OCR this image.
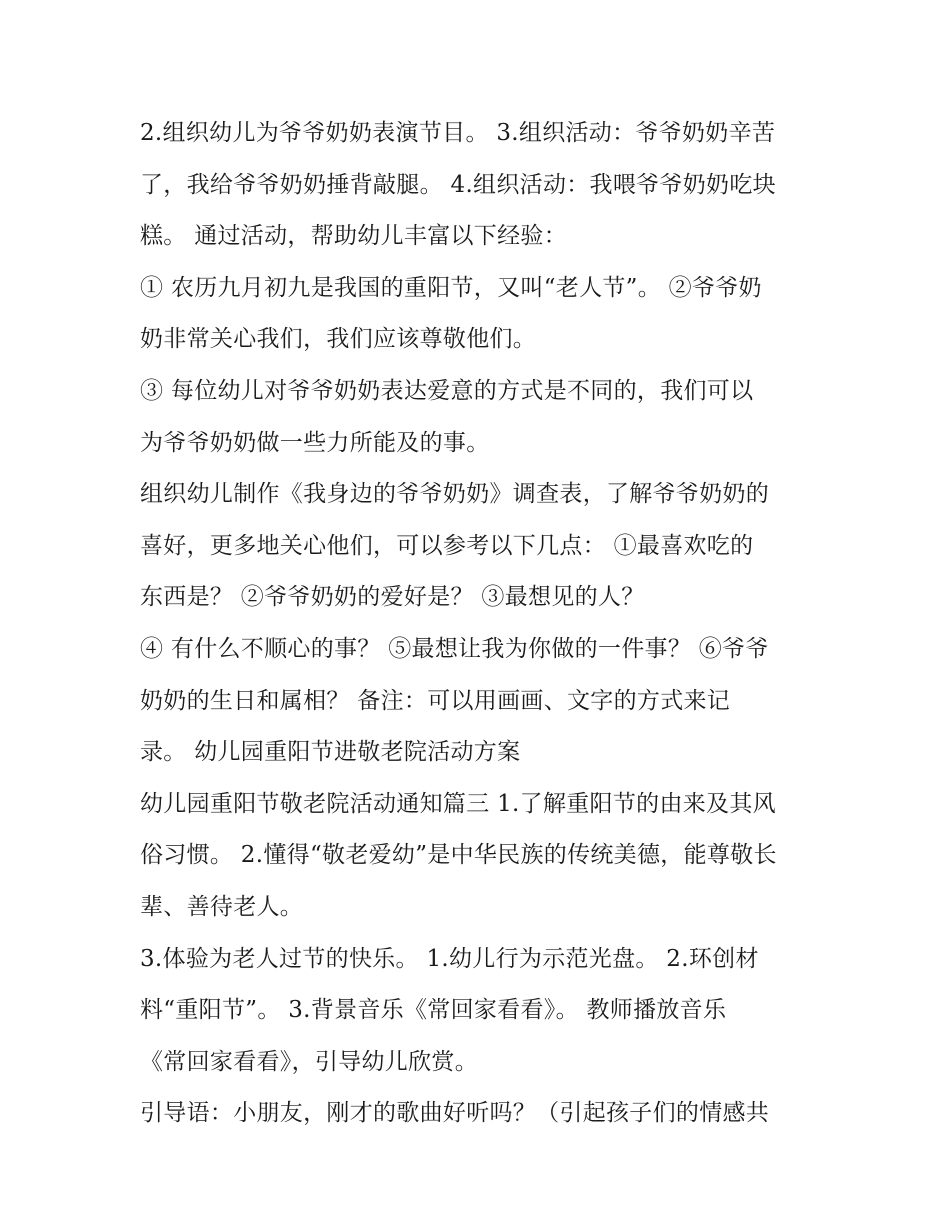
2.组织幼儿为爷爷奶奶表演节目。 3.组织活动：爷爷奶奶辛苦
了，我给爷爷奶奶捶背敲腿。 4.组织活动：我喂爷爷奶奶吃块
糕。 通过活动，帮助幼儿丰富以下经验：
① 农历九月初九是我国的重阳节，又叫“老人节”。 ②爷爷奶
奶非常关心我们，我们应该尊敬他们。
③ 每位幼儿对爷爷奶奶表达爱意的方式是不同的，我们可以
为爷爷奶奶做一些力所能及的事。
组织幼儿制作《我身边的爷爷奶奶》调查表，了解爷爷奶奶的
喜好，更多地关心他们，可以参考以下几点： ①最喜欢吃的
东西是？ ②爷爷奶奶的爱好是？ ③最想见的人？
④ 有什么不顺心的事？ ⑤最想让我为你做的一件事？ ⑥爷爷
奶奶的生日和属相？ 备注：可以用画画、文字的方式来记
录。 幼儿园重阳节进敬老院活动方案
幼儿园重阳节敬老院活动通知篇三 1.了解重阳节的由来及其风
俗习惯。 2.懂得“敬老爱幼”是中华民族的传统美德，能尊敬长
辈、善待老人。
3.体验为老人过节的快乐。 1.幼儿行为示范光盘。 2.环创材
料“重阳节”。 3.背景音乐《常回家看看》。 教师播放音乐
《常回家看看》，引导幼儿欣赏。
引导语：小朋友，刚才的歌曲好听吗？（引起孩子们的情感共
